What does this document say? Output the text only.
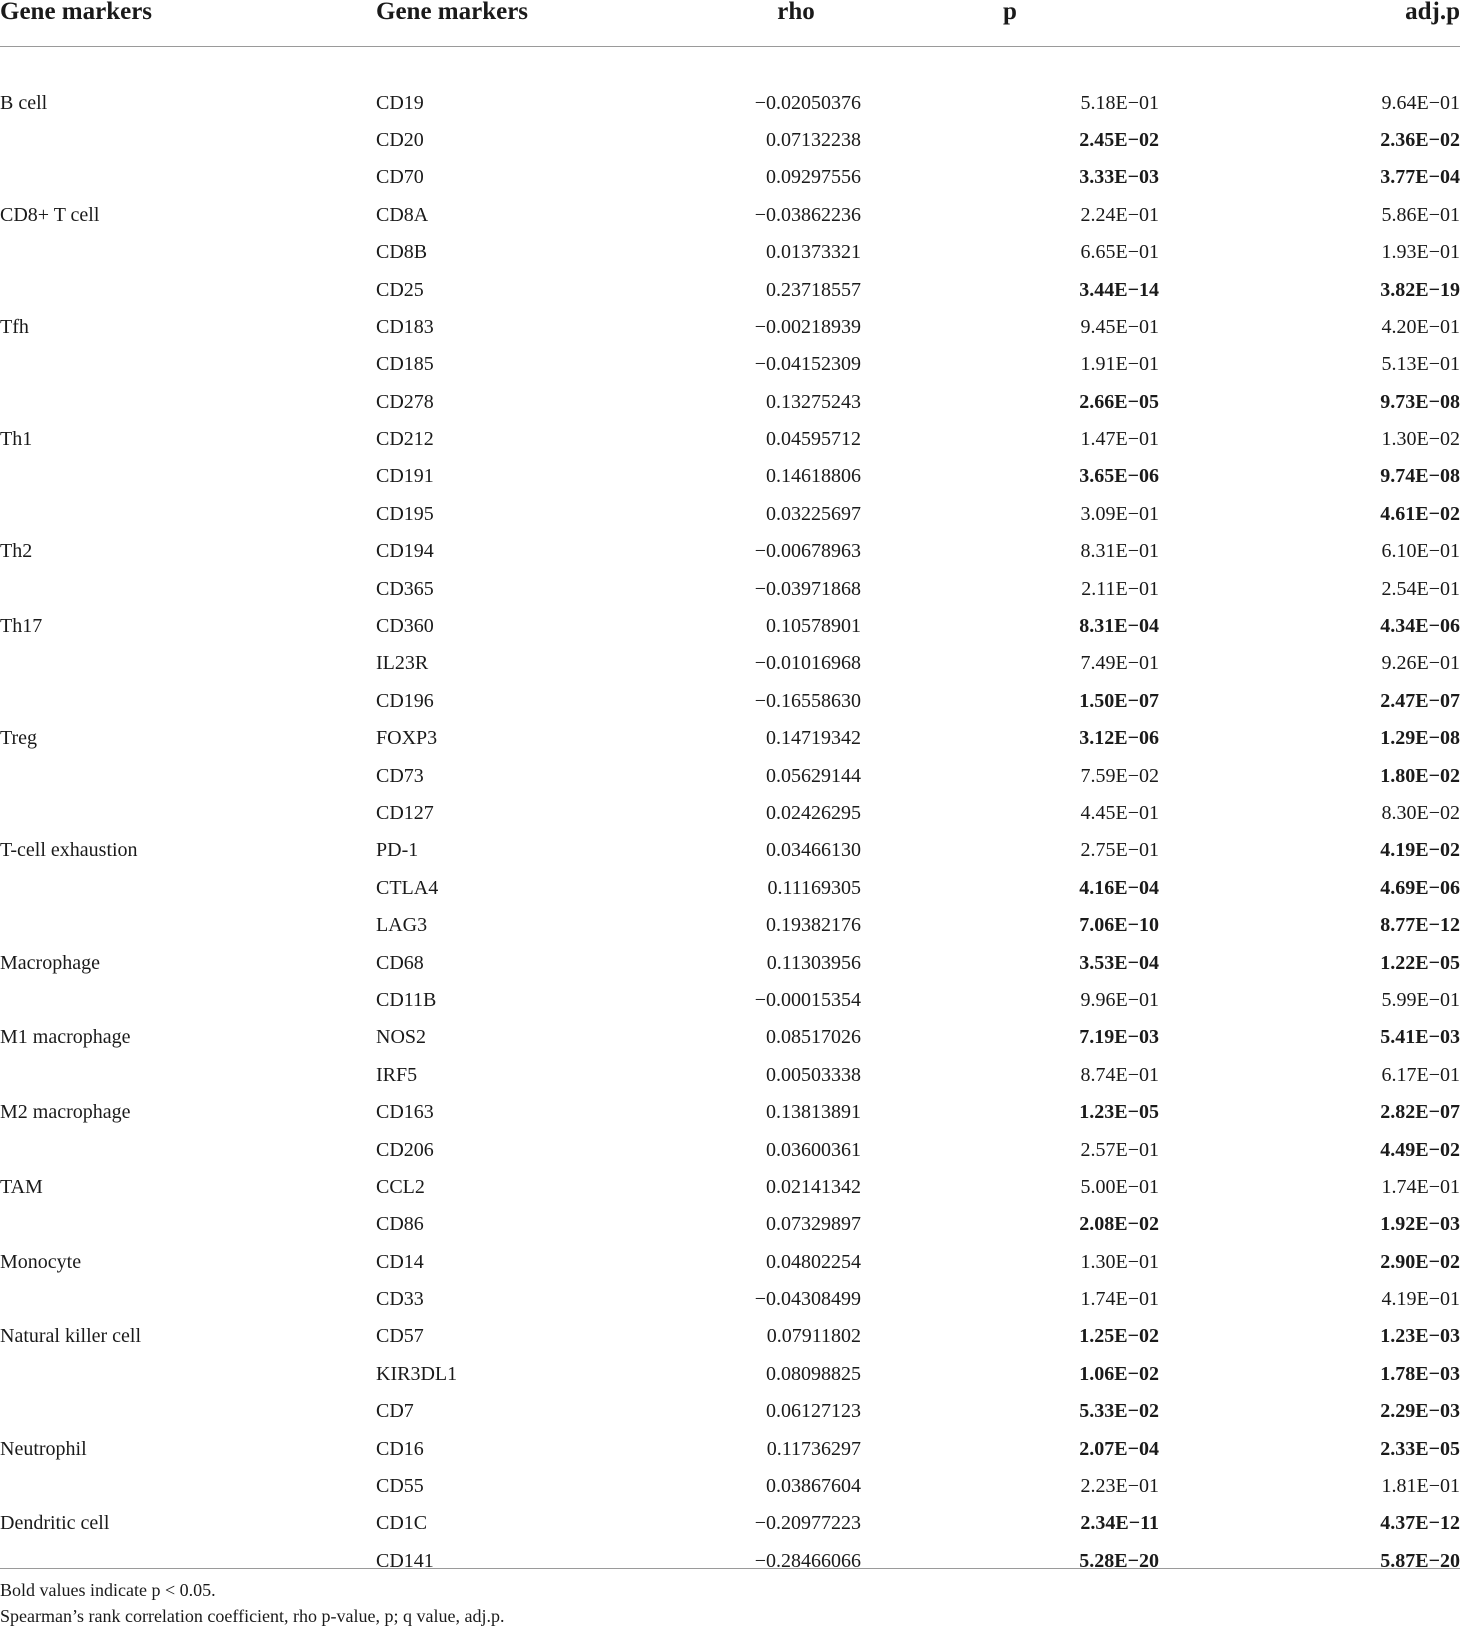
Gene markers	Gene markers	rho	p	adj.p

B cell	CD19	−0.02050376	5.18E−01	9.64E−01
	CD20	0.07132238	2.45E−02	2.36E−02
	CD70	0.09297556	3.33E−03	3.77E−04
CD8+ T cell	CD8A	−0.03862236	2.24E−01	5.86E−01
	CD8B	0.01373321	6.65E−01	1.93E−01
	CD25	0.23718557	3.44E−14	3.82E−19
Tfh	CD183	−0.00218939	9.45E−01	4.20E−01
	CD185	−0.04152309	1.91E−01	5.13E−01
	CD278	0.13275243	2.66E−05	9.73E−08
Th1	CD212	0.04595712	1.47E−01	1.30E−02
	CD191	0.14618806	3.65E−06	9.74E−08
	CD195	0.03225697	3.09E−01	4.61E−02
Th2	CD194	−0.00678963	8.31E−01	6.10E−01
	CD365	−0.03971868	2.11E−01	2.54E−01
Th17	CD360	0.10578901	8.31E−04	4.34E−06
	IL23R	−0.01016968	7.49E−01	9.26E−01
	CD196	−0.16558630	1.50E−07	2.47E−07
Treg	FOXP3	0.14719342	3.12E−06	1.29E−08
	CD73	0.05629144	7.59E−02	1.80E−02
	CD127	0.02426295	4.45E−01	8.30E−02
T-cell exhaustion	PD-1	0.03466130	2.75E−01	4.19E−02
	CTLA4	0.11169305	4.16E−04	4.69E−06
	LAG3	0.19382176	7.06E−10	8.77E−12
Macrophage	CD68	0.11303956	3.53E−04	1.22E−05
	CD11B	−0.00015354	9.96E−01	5.99E−01
M1 macrophage	NOS2	0.08517026	7.19E−03	5.41E−03
	IRF5	0.00503338	8.74E−01	6.17E−01
M2 macrophage	CD163	0.13813891	1.23E−05	2.82E−07
	CD206	0.03600361	2.57E−01	4.49E−02
TAM	CCL2	0.02141342	5.00E−01	1.74E−01
	CD86	0.07329897	2.08E−02	1.92E−03
Monocyte	CD14	0.04802254	1.30E−01	2.90E−02
	CD33	−0.04308499	1.74E−01	4.19E−01
Natural killer cell	CD57	0.07911802	1.25E−02	1.23E−03
	KIR3DL1	0.08098825	1.06E−02	1.78E−03
	CD7	0.06127123	5.33E−02	2.29E−03
Neutrophil	CD16	0.11736297	2.07E−04	2.33E−05
	CD55	0.03867604	2.23E−01	1.81E−01
Dendritic cell	CD1C	−0.20977223	2.34E−11	4.37E−12
	CD141	−0.28466066	5.28E−20	5.87E−20
Bold values indicate p < 0.05.
Spearman’s rank correlation coefficient, rho p-value, p; q value, adj.p.
